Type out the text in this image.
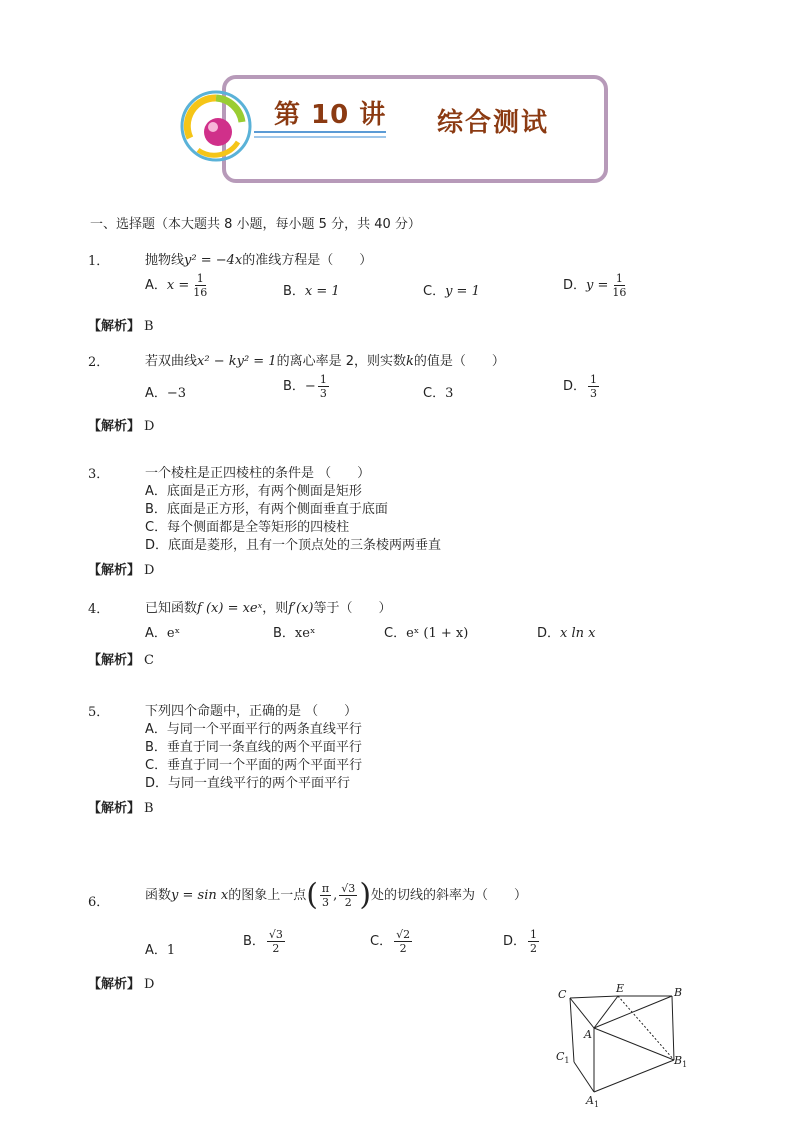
第 10 讲 综合测试
一、选择题（本大题共 8 小题，每小题 5 分，共 40 分）
1．	抛物线y² = −4x的准线方程是（　　）
A．$x = \frac{1}{16}$	B．x = 1	C．y = 1	D．$y = \frac{1}{16}$
【解析】 B
2．	若双曲线x² − ky² = 1的离心率是 2，则实数k的值是（　　）
A．−3	B．− $\frac{1}{3}$	C．3	D． $\frac{1}{3}$
【解析】 D
3．	一个棱柱是正四棱柱的条件是 （　　）
A．底面是正方形，有两个侧面是矩形
B．底面是正方形，有两个侧面垂直于底面
C．每个侧面都是全等矩形的四棱柱
D．底面是菱形，且有一个顶点处的三条棱两两垂直
【解析】 D
4．	已知函数f (x) = xeˣ，则f′(x)等于（　　）
A．eˣ	B．xeˣ	C．eˣ (1 + x)	D．x ln x
【解析】 C
5．	下列四个命题中，正确的是 （　　）
A．与同一个平面平行的两条直线平行
B．垂直于同一条直线的两个平面平行
C．垂直于同一个平面的两个平面平行
D．与同一直线平行的两个平面平行
【解析】 B
6．	函数y = sin x的图象上一点( $\frac{\pi}{3}$ , $\frac{√3}{2}$ )处的切线的斜率为（　　）
A．1
B． $\frac{√3}{2}$	C． $\frac{√2}{2}$	D． $\frac{1}{2}$
【解析】 D
C	E	B
A
$C_1$	$B_1$
$A_1$
